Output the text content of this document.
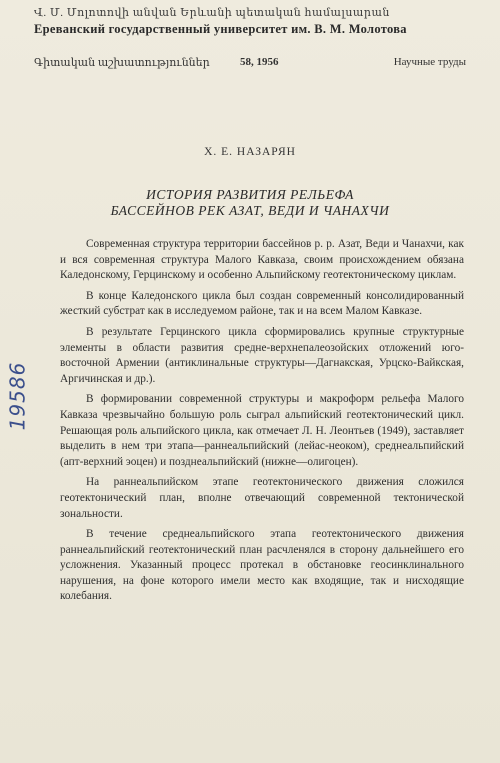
Վ. Մ. Մոլոտովի անվան Երևանի պետական համալսարան
Ереванский государственный университет им. В. М. Молотова
Գիտական աշխատություններ	58, 1956	Научные труды
Х. Е. НАЗАРЯН
ИСТОРИЯ РАЗВИТИЯ РЕЛЬЕФА
БАССЕЙНОВ РЕК АЗАТ, ВЕДИ И ЧАНАХЧИ

Современная структура территории бассейнов р. р. Азат, Веди и Чанахчи, как и вся современная структура Малого Кавказа, своим происхождением обязана Каледонскому, Герцинскому и особенно Альпийскому геотектоническому циклам.

В конце Каледонского цикла был создан современный консолидированный жесткий субстрат как в исследуемом районе, так и на всем Малом Кавказе.

В результате Герцинского цикла сформировались крупные структурные элементы в области развития средне-верхнепалеозойских отложений юго-восточной Армении (антиклинальные структуры—Дагнакская, Урцско-Вайкская, Аргичинская и др.).

В формировании современной структуры и макроформ рельефа Малого Кавказа чрезвычайно большую роль сыграл альпийский геотектонический цикл. Решающая роль альпийского цикла, как отмечает Л. Н. Леонтьев (1949), заставляет выделить в нем три этапа—раннеальпийский (лейас-неоком), среднеальпийский (апт-верхний эоцен) и позднеальпийский (нижне—олигоцен).

На раннеальпийском этапе геотектонического движения сложился геотектонический план, вполне отвечающий современной тектонической зональности.

В течение среднеальпийского этапа геотектонического движения раннеальпийский геотектонический план расчленялся в сторону дальнейшего его усложнения. Указанный процесс протекал в обстановке геосинклинального нарушения, на фоне которого имели место как входящие, так и нисходящие колебания.

19586
